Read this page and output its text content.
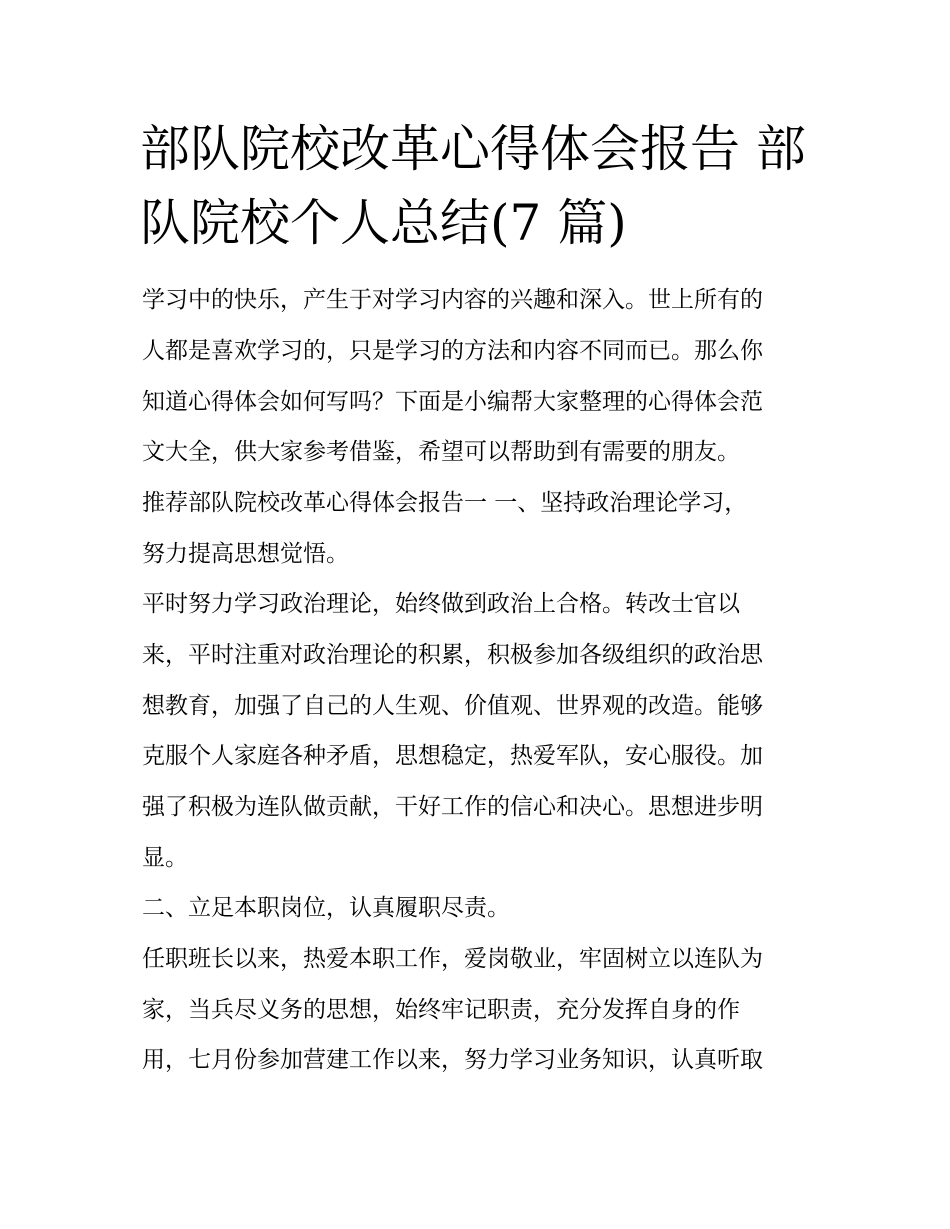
部队院校改革心得体会报告 部
队院校个人总结(7 篇)

学习中的快乐，产生于对学习内容的兴趣和深入。世上所有的

人都是喜欢学习的，只是学习的方法和内容不同而已。那么你

知道心得体会如何写吗？下面是小编帮大家整理的心得体会范

文大全，供大家参考借鉴，希望可以帮助到有需要的朋友。

推荐部队院校改革心得体会报告一 一、坚持政治理论学习，

努力提高思想觉悟。

平时努力学习政治理论，始终做到政治上合格。转改士官以

来，平时注重对政治理论的积累，积极参加各级组织的政治思

想教育，加强了自己的人生观、价值观、世界观的改造。能够

克服个人家庭各种矛盾，思想稳定，热爱军队，安心服役。加

强了积极为连队做贡献，干好工作的信心和决心。思想进步明

显。

二、立足本职岗位，认真履职尽责。

任职班长以来，热爱本职工作，爱岗敬业，牢固树立以连队为

家，当兵尽义务的思想，始终牢记职责，充分发挥自身的作

用，七月份参加营建工作以来，努力学习业务知识，认真听取
